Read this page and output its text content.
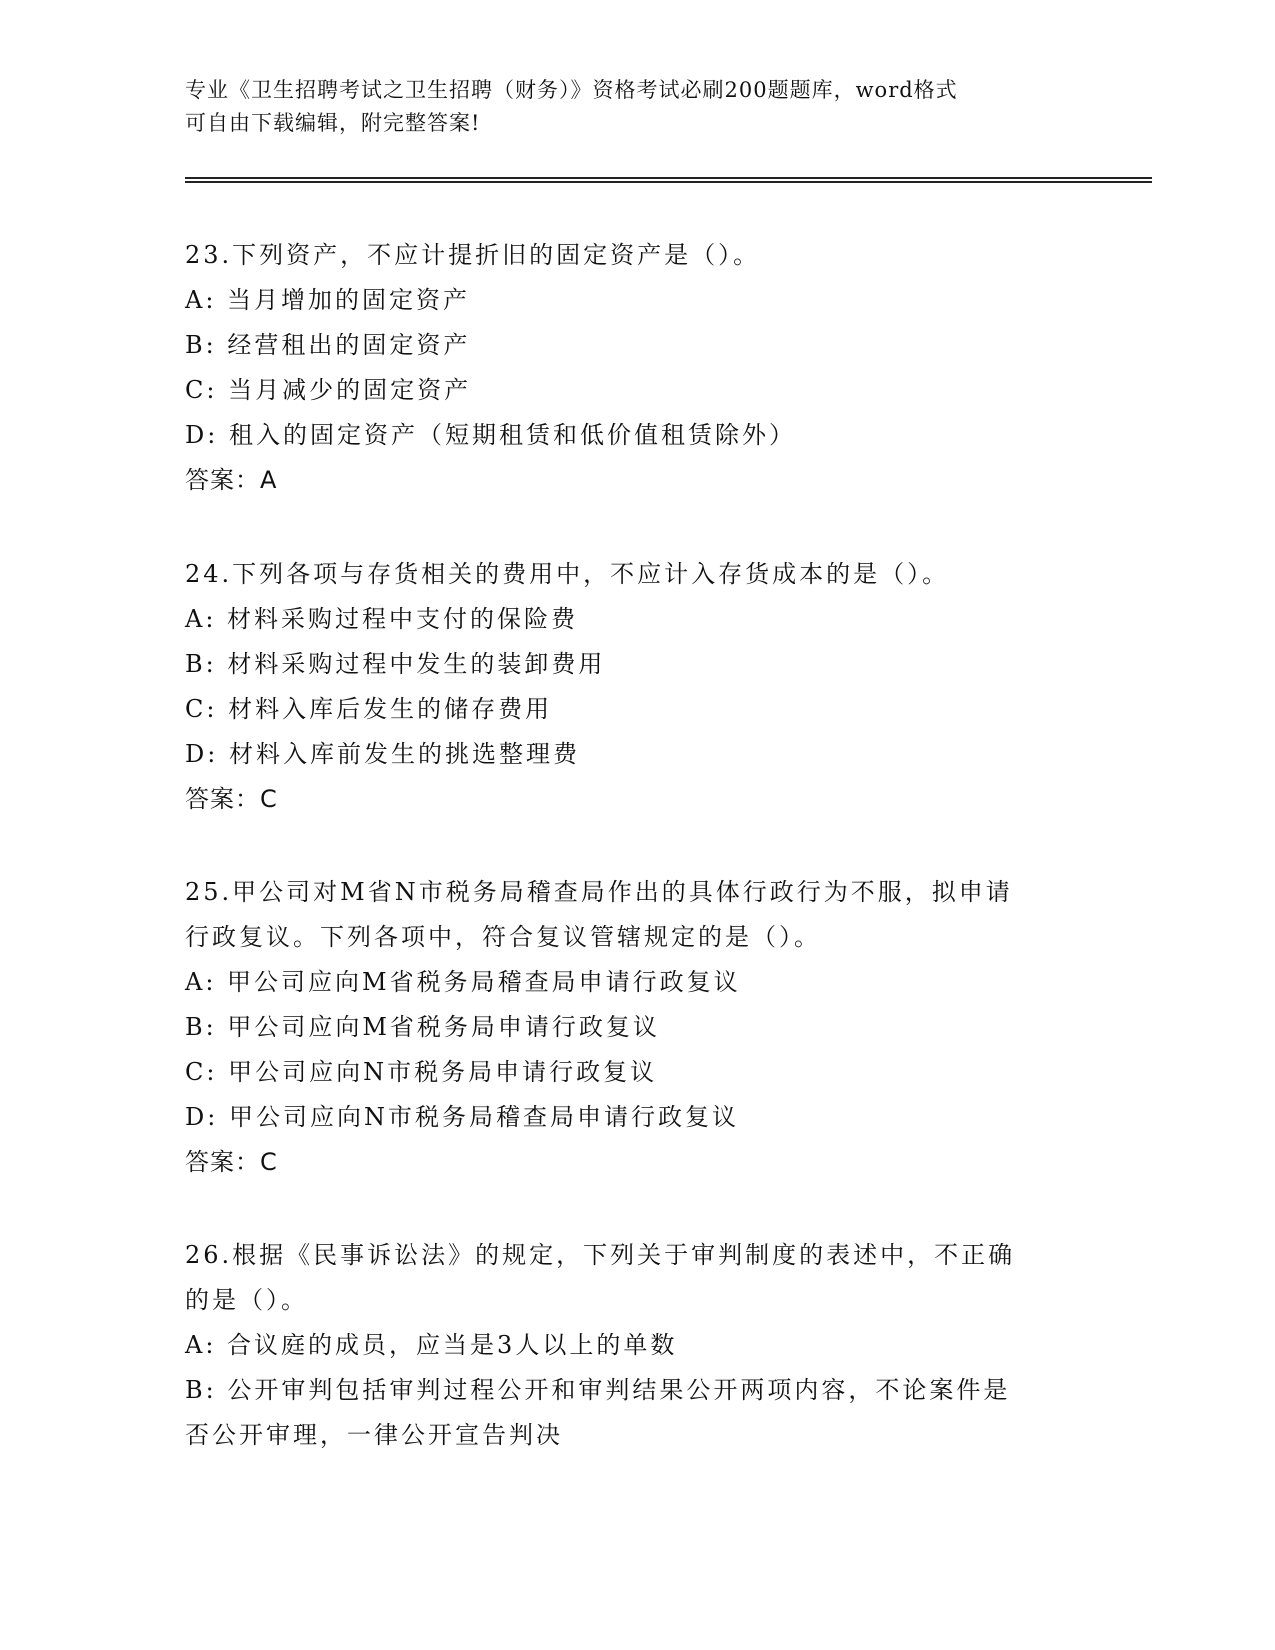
专业《卫生招聘考试之卫生招聘（财务）》资格考试必刷200题题库，word格式

可自由下载编辑，附完整答案!

23.下列资产，不应计提折旧的固定资产是（）。

A: 当月增加的固定资产

B: 经营租出的固定资产

C: 当月减少的固定资产

D: 租入的固定资产（短期租赁和低价值租赁除外）

答案：A

24.下列各项与存货相关的费用中，不应计入存货成本的是（）。

A: 材料采购过程中支付的保险费

B: 材料采购过程中发生的装卸费用

C: 材料入库后发生的储存费用

D: 材料入库前发生的挑选整理费

答案：C

25.甲公司对M省N市税务局稽查局作出的具体行政行为不服，拟申请

行政复议。下列各项中，符合复议管辖规定的是（）。

A: 甲公司应向M省税务局稽查局申请行政复议

B: 甲公司应向M省税务局申请行政复议

C: 甲公司应向N市税务局申请行政复议

D: 甲公司应向N市税务局稽查局申请行政复议

答案：C

26.根据《民事诉讼法》的规定，下列关于审判制度的表述中，不正确

的是（）。

A: 合议庭的成员，应当是3人以上的单数

B: 公开审判包括审判过程公开和审判结果公开两项内容，不论案件是

否公开审理，一律公开宣告判决
